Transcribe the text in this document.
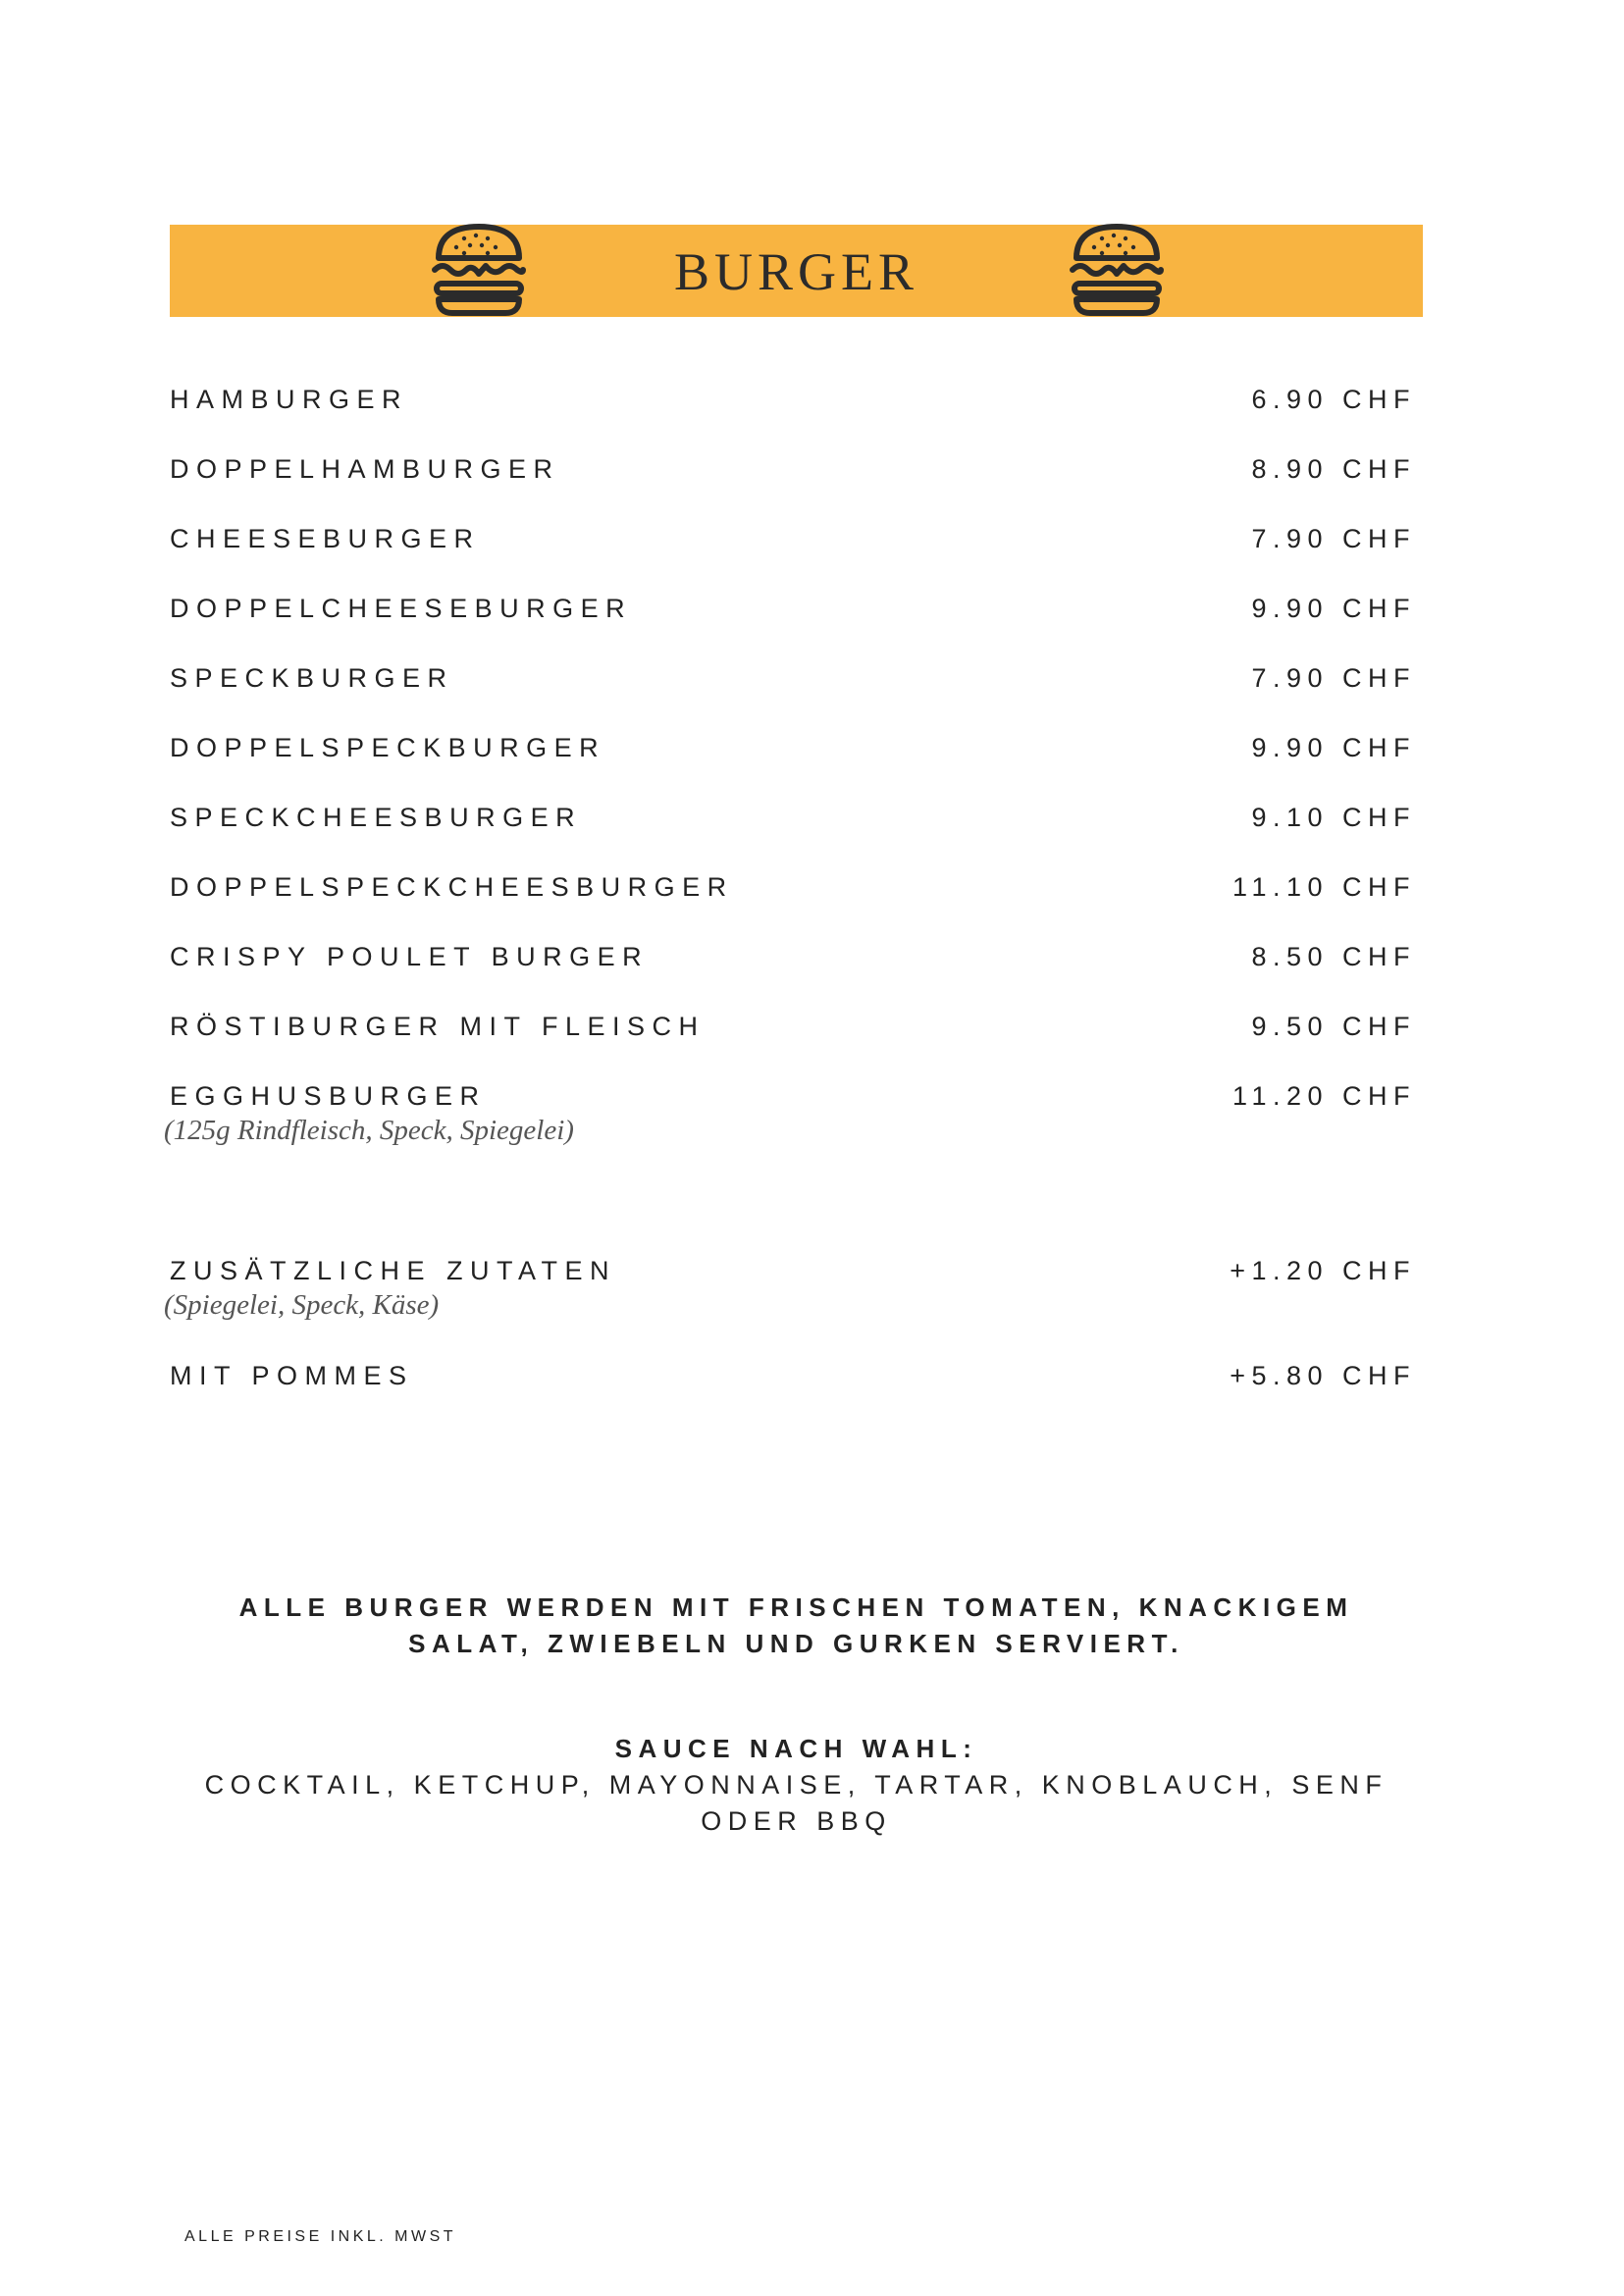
BURGER
HAMBURGER	6.90 CHF
DOPPELHAMBURGER	8.90 CHF
CHEESEBURGER	7.90 CHF
DOPPELCHEESEBURGER	9.90 CHF
SPECKBURGER	7.90 CHF
DOPPELSPECKBURGER	9.90 CHF
SPECKCHEESBURGER	9.10 CHF
DOPPELSPECKCHEESBURGER	11.10 CHF
CRISPY POULET BURGER	8.50 CHF
RÖSTIBURGER MIT FLEISCH	9.50 CHF
EGGHUSBURGER	11.20 CHF
(125g Rindfleisch, Speck, Spiegelei)
ZUSÄTZLICHE ZUTATEN	+1.20 CHF
(Spiegelei, Speck, Käse)
MIT POMMES	+5.80 CHF
ALLE BURGER WERDEN MIT FRISCHEN TOMATEN, KNACKIGEM
SALAT, ZWIEBELN UND GURKEN SERVIERT.
SAUCE NACH WAHL:
COCKTAIL, KETCHUP, MAYONNAISE, TARTAR, KNOBLAUCH, SENF
ODER BBQ
ALLE PREISE INKL. MWST
